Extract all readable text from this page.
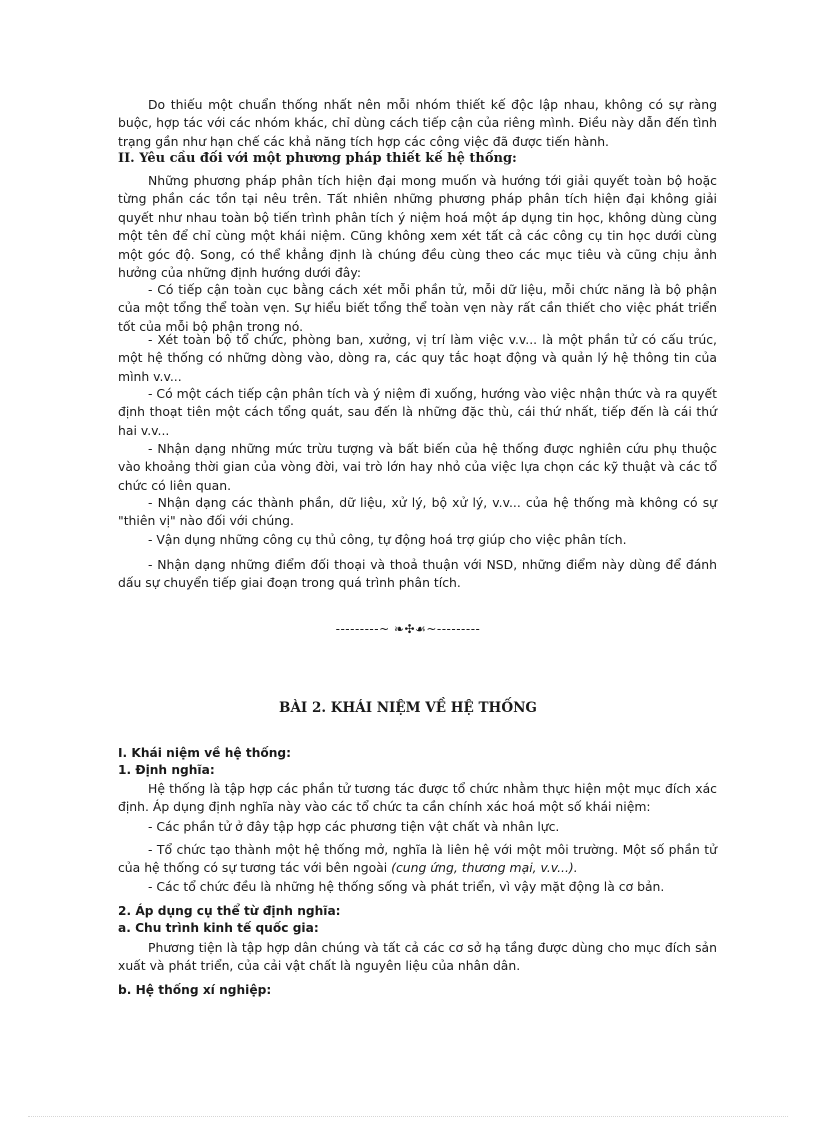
Do thiếu một chuẩn thống nhất nên mỗi nhóm thiết kế độc lập nhau, không có sự ràng buộc, hợp tác với các nhóm khác, chỉ dùng cách tiếp cận của riêng mình. Điều này dẫn đến tình trạng gần như hạn chế các khả năng tích hợp các công việc đã được tiến hành.

II. Yêu cầu đối với một phương pháp thiết kế hệ thống:

Những phương pháp phân tích hiện đại mong muốn và hướng tới giải quyết toàn bộ hoặc từng phần các tồn tại nêu trên. Tất nhiên những phương pháp phân tích hiện đại không giải quyết như nhau toàn bộ tiến trình phân tích ý niệm hoá một áp dụng tin học, không dùng cùng một tên để chỉ cùng một khái niệm. Cũng không xem xét tất cả các công cụ tin học dưới cùng một góc độ. Song, có thể khẳng định là chúng đều cùng theo các mục tiêu và cũng chịu ảnh hưởng của những định hướng dưới đây:

- Có tiếp cận toàn cục bằng cách xét mỗi phần tử, mỗi dữ liệu, mỗi chức năng là bộ phận của một tổng thể toàn vẹn. Sự hiểu biết tổng thể toàn vẹn này rất cần thiết cho việc phát triển tốt của mỗi bộ phận trong nó.

- Xét toàn bộ tổ chức, phòng ban, xưởng, vị trí làm việc v.v... là một phần tử có cấu trúc, một hệ thống có những dòng vào, dòng ra, các quy tắc hoạt động và quản lý hệ thông tin của mình v.v...

- Có một cách tiếp cận phân tích và ý niệm đi xuống, hướng vào việc nhận thức và ra quyết định thoạt tiên một cách tổng quát, sau đến là những đặc thù, cái thứ nhất, tiếp đến là cái thứ hai v.v...

- Nhận dạng những mức trừu tượng và bất biến của hệ thống được nghiên cứu phụ thuộc vào khoảng thời gian của vòng đời, vai trò lớn hay nhỏ của việc lựa chọn các kỹ thuật và các tổ chức có liên quan.

- Nhận dạng các thành phần, dữ liệu, xử lý, bộ xử lý, v.v... của hệ thống mà không có sự "thiên vị" nào đối với chúng.

- Vận dụng những công cụ thủ công, tự động hoá trợ giúp cho việc phân tích.

- Nhận dạng những điểm đối thoại và thoả thuận với NSD, những điểm này dùng để đánh dấu sự chuyển tiếp giai đoạn trong quá trình phân tích.

---------~ ❧✣☙~---------
BÀI 2. KHÁI NIỆM VỀ HỆ THỐNG

I. Khái niệm về hệ thống:

1. Định nghĩa:

Hệ thống là tập hợp các phần tử tương tác được tổ chức nhằm thực hiện một mục đích xác định. Áp dụng định nghĩa này vào các tổ chức ta cần chính xác hoá một số khái niệm:

- Các phần tử ở đây tập hợp các phương tiện vật chất và nhân lực.

- Tổ chức tạo thành một hệ thống mở, nghĩa là liên hệ với một môi trường. Một số phần tử của hệ thống có sự tương tác với bên ngoài (cung ứng, thương mại, v.v...).

- Các tổ chức đều là những hệ thống sống và phát triển, vì vậy mặt động là cơ bản.

2. Áp dụng cụ thể từ định nghĩa:

a. Chu trình kinh tế quốc gia:

Phương tiện là tập hợp dân chúng và tất cả các cơ sở hạ tầng được dùng cho mục đích sản xuất và phát triển, của cải vật chất là nguyên liệu của nhân dân.

b. Hệ thống xí nghiệp:
